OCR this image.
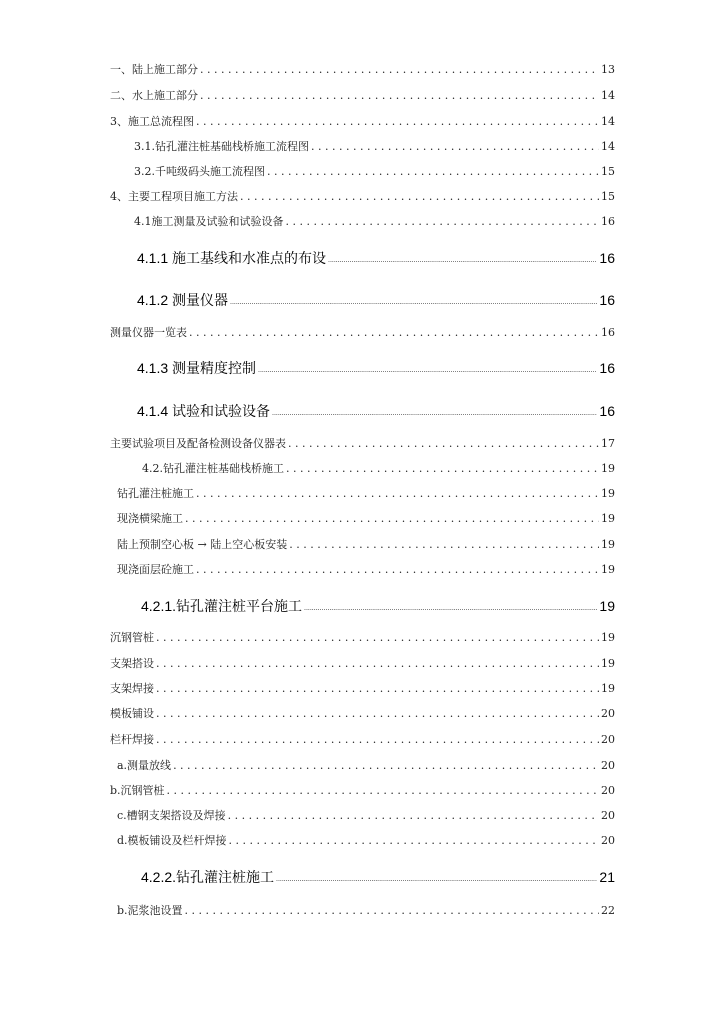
一、陆上施工部分 . . .	13
二、水上施工部分 . . .	14
3、施工总流程图 . . .	14
3.1.钻孔灌注桩基础栈桥施工流程图 . . .	14
3.2.千吨级码头施工流程图 . . .	15
4、主要工程项目施工方法 . . .	15
4.1施工测量及试验和试验设备 . . .	16
4.1.1 施工基线和水准点的布设 .....	16
4.1.2 测量仪器 .....	16
测量仪器一览表 . . .	16
4.1.3 测量精度控制 .....	16
4.1.4 试验和试验设备 .....	16
主要试验项目及配备检测设备仪器表 . . .	17
4.2.钻孔灌注桩基础栈桥施工 . . .	19
钻孔灌注桩施工 . . .	19
现浇横梁施工 . . .	19
陆上预制空心板 → 陆上空心板安装 . . .	19
现浇面层砼施工 . . .	19
4.2.1.钻孔灌注桩平台施工 .....	19
沉钢管桩 . . .	19
支架搭设 . . .	19
支架焊接 . . .	19
模板铺设 . . .	20
栏杆焊接 . . .	20
a.测量放线 . . .	20
b.沉钢管桩 . . .	20
c.槽钢支架搭设及焊接 . . .	20
d.模板铺设及栏杆焊接 . . .	20
4.2.2.钻孔灌注桩施工 .....	21
b.泥浆池设置 . . .	22
